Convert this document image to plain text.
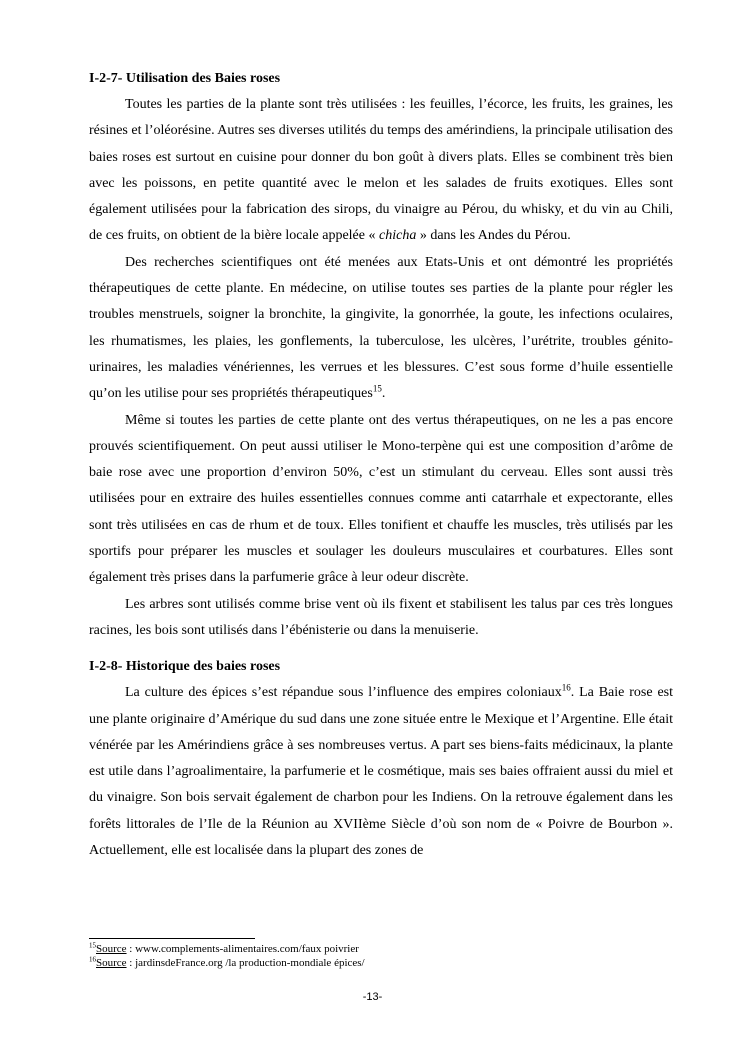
I-2-7- Utilisation des Baies roses

Toutes les parties de la plante sont très utilisées : les feuilles, l’écorce, les fruits, les graines, les résines et l’oléorésine. Autres ses diverses utilités du temps des amérindiens, la principale utilisation des baies roses est surtout en cuisine pour donner du bon goût à divers plats. Elles se combinent très bien avec les poissons, en petite quantité avec le melon et les salades de fruits exotiques. Elles sont également utilisées pour la fabrication des sirops, du vinaigre au Pérou, du whisky, et du vin au Chili, de ces fruits, on obtient de la bière locale appelée « chicha » dans les Andes du Pérou.

Des recherches scientifiques ont été menées aux Etats-Unis et ont démontré les propriétés thérapeutiques de cette plante. En médecine, on utilise toutes ses parties de la plante pour régler les troubles menstruels, soigner la bronchite, la gingivite, la gonorrhée, la goute, les infections oculaires, les rhumatismes, les plaies, les gonflements, la tuberculose, les ulcères, l’urétrite, troubles génito-urinaires, les maladies vénériennes, les verrues et les blessures. C’est sous forme d’huile essentielle qu’on les utilise pour ses propriétés thérapeutiques$^{15}$.

Même si toutes les parties de cette plante ont des vertus thérapeutiques, on ne les a pas encore prouvés scientifiquement. On peut aussi utiliser le Mono-terpène qui est une composition d’arôme de baie rose avec une proportion d’environ 50%, c’est un stimulant du cerveau. Elles sont aussi très utilisées pour en extraire des huiles essentielles connues comme anti catarrhale et expectorante, elles sont très utilisées en cas de rhum et de toux. Elles tonifient et chauffe les muscles, très utilisés par les sportifs pour préparer les muscles et soulager les douleurs musculaires et courbatures. Elles sont également très prises dans la parfumerie grâce à leur odeur discrète.

Les arbres sont utilisés comme brise vent où ils fixent et stabilisent les talus par ces très longues racines, les bois sont utilisés dans l’ébénisterie ou dans la menuiserie.

I-2-8- Historique des baies roses

La culture des épices s’est répandue sous l’influence des empires coloniaux$^{16}$. La Baie rose est une plante originaire d’Amérique du sud dans une zone située entre le Mexique et l’Argentine. Elle était vénérée par les Amérindiens grâce à ses nombreuses vertus. A part ses biens-faits médicinaux, la plante est utile dans l’agroalimentaire, la parfumerie et le cosmétique, mais ses baies offraient aussi du miel et du vinaigre. Son bois servait également de charbon pour les Indiens. On la retrouve également dans les forêts littorales de l’Ile de la Réunion au XVIIème Siècle d’où son nom de « Poivre de Bourbon ». Actuellement, elle est localisée dans la plupart des zones de

$^{15}$Source : www.complements-alimentaires.com/faux poivrier
$^{16}$Source : jardinsdeFrance.org /la production-mondiale épices/
-13-
